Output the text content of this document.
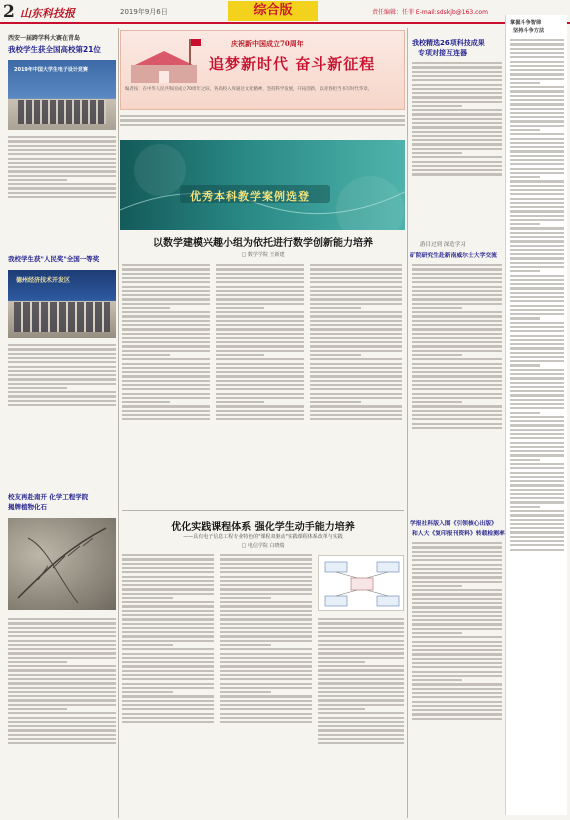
2 山东科技报	2019年9月6日	综合版	责任编辑：任菲 E-mail:sdskjb@163.com
西安一届跨学科大赛在青岛
我校学生获全国高校第21位
2019年中国大学生电子设计竞赛
我校学生获"人民奖"全国一等奖
德州经济技术开发区
校友再赴南开 化学工程学院
揭牌植物化石
庆祝新中国成立70周年
追梦新时代 奋斗新征程
编者按：在中华人民共和国成立70周年之际，各高校入库通达文化精神，坚持科学发展，开拓创新，以青春担当书写时代华章。
优秀本科教学案例选登
以数学建模兴趣小组为依托进行数学创新能力培养
□ 数学学院 王新建
优化实践课程体系 强化学生动手能力培养
——具有电子信息工程专业特色的"课程双驱动"实践课程体系改革与实践
□ 电信学院 白晓瑞
我校精选26项科技成果
专项对接互连器
游目过到 深造学习
矿院研究生赴新南威尔士大学交流
学报社科版入围《引领核心出版》
和人大《复印报刊资料》转载检测率
掌握斗争智律
坚持斗争方法
